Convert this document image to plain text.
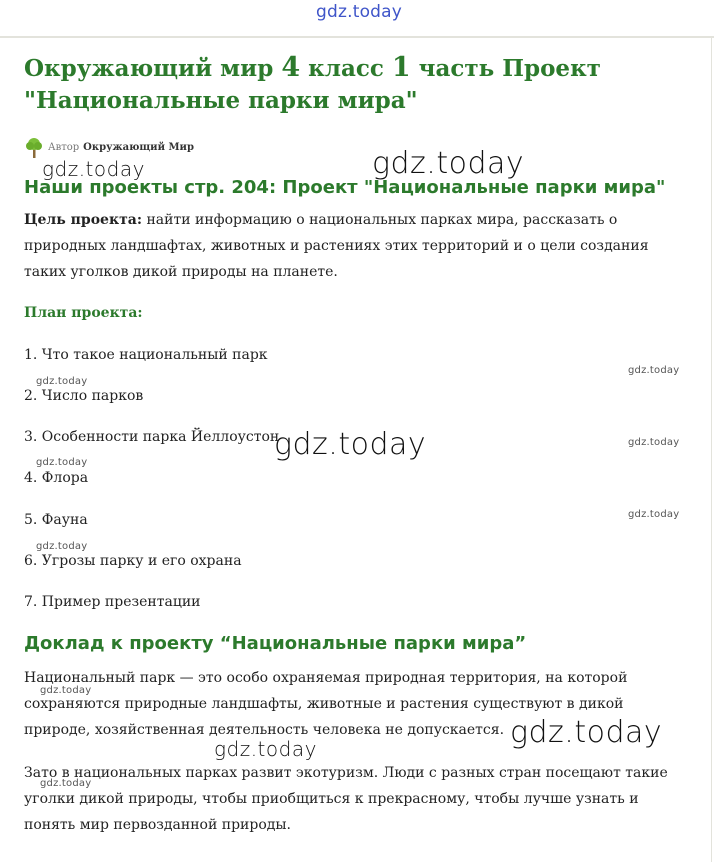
gdz.today
Окружающий мир 4 класс 1 часть Проект "Национальные парки мира"
Автор Окружающий Мир
Наши проекты стр. 204: Проект "Национальные парки мира"

Цель проекта: найти информацию о национальных парках мира, рассказать о природных ландшафтах, животных и растениях этих территорий и о цели создания таких уголков дикой природы на планете.

План проекта:

1. Что такое национальный парк

2. Число парков

3. Особенности парка Йеллоустон

4. Флора

5. Фауна

6. Угрозы парку и его охрана

7. Пример презентации

Доклад к проекту “Национальные парки мира”

Национальный парк — это особо охраняемая природная территория, на которой сохраняются природные ландшафты, животные и растения существуют в дикой природе, хозяйственная деятельность человека не допускается.

Зато в национальных парках развит экотуризм. Люди с разных стран посещают такие уголки дикой природы, чтобы приобщиться к прекрасному, чтобы лучше узнать и понять мир первозданной природы.

gdz.today	gdz.today
gdz.today
gdz.today
gdz.today	gdz.today
gdz.today
gdz.today
gdz.today
gdz.today
gdz.today
gdz.today
gdz.today
